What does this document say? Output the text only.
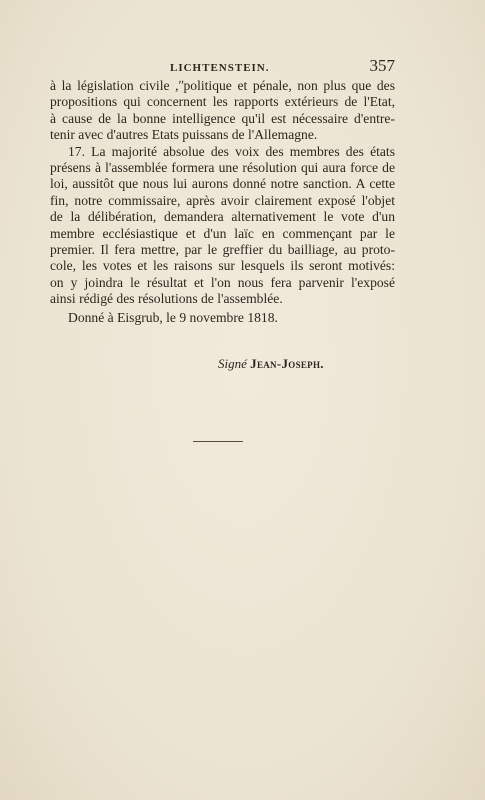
LICHTENSTEIN.	357
à la législation civile ,ʺpolitique et pénale, non plus que des
propositions qui concernent les rapports extérieurs de l'Etat,
à cause de la bonne intelligence qu'il est nécessaire d'entre-
tenir avec d'autres Etats puissans de l'Allemagne.
17. La majorité absolue des voix des membres des états
présens à l'assemblée formera une résolution qui aura force de
loi, aussitôt que nous lui aurons donné notre sanction. A cette
fin, notre commissaire, après avoir clairement exposé l'objet
de la délibération, demandera alternativement le vote d'un
membre ecclésiastique et d'un laïc en commençant par le
premier. Il fera mettre, par le greffier du bailliage, au proto-
cole, les votes et les raisons sur lesquels ils seront motivés:
on y joindra le résultat et l'on nous fera parvenir l'exposé
ainsi rédigé des résolutions de l'assemblée.
Donné à Eisgrub, le 9 novembre 1818.
Signé Jean-Joseph.
